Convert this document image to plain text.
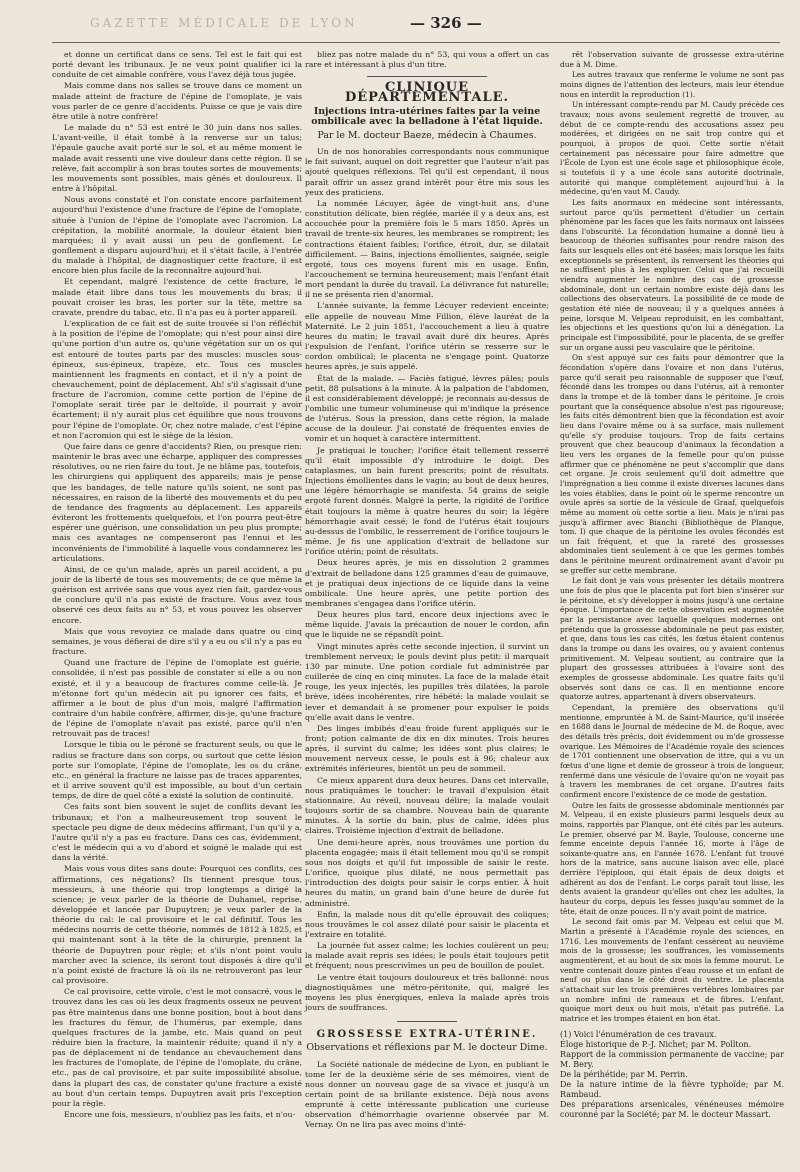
GAZETTE MÉDICALE DE LYON	— 326 —

et donne un certificat dans ce sens. Tel est le fait qui est porté devant les tribunaux. Je ne veux point qualifier ici la conduite de cet aimable confrère, vous l'avez déjà tous jugée.

Mais comme dans nos salles se trouve dans ce moment un malade atteint de fracture de l'épine de l'omoplate, je vais vous parler de ce genre d'accidents. Puisse ce que je vais dire être utile à notre confrère!

Le malade du n° 53 est entré le 30 juin dans nos salles. L'avant-veille, il était tombé à la renverse sur un talus; l'épaule gauche avait porté sur le sol, et au même moment le malade avait ressenti une vive douleur dans cette région. Il se relève, fait accomplir à son bras toutes sortes de mouvements; les mouvements sont possibles, mais gênés et douloureux. Il entre à l'hôpital.

Nous avons constaté et l'on constate encore parfaitement aujourd'hui l'existence d'une fracture de l'épine de l'omoplate, située à l'union de l'épine de l'omoplate avec l'acromion. La crépitation, la mobilité anormale, la douleur étaient bien marquées; il y avait aussi un peu de gonflement. Le gonflement a disparu aujourd'hui; et il s'était facile, à l'entrée du malade à l'hôpital, de diagnostiquer cette fracture, il est encore bien plus facile de la reconnaître aujourd'hui.

Et cependant, malgré l'existence de cette fracture, le malade était libre dans tous les mouvements du bras; il pouvait croiser les bras, les porter sur la tête, mettre sa cravate, prendre du tabac, etc. Il n'a pas eu à porter appareil.

L'explication de ce fait est de suite trouvée si l'on réfléchit à la position de l'épine de l'omoplate; qui n'est pour ainsi dire qu'une portion d'un autre os, qu'une végétation sur un os qui est entouré de toutes parts par des muscles: muscles sous-épineux, sus-épineux, trapèze, etc. Tous ces muscles maintiennent les fragments en contact, et il n'y a point de chevauchement, point de déplacement. Ah! s'il s'agissait d'une fracture de l'acromion, comme cette portion de l'épine de l'omoplate serait tirée par le deltoïde, il pourrait y avoir écartement; il n'y aurait plus cet équilibre que nous trouvons pour l'épine de l'omoplate. Or, chez notre malade, c'est l'épine et non l'acromion qui est le siège de la lésion.

Que faire dans ce genre d'accidents? Rien, ou presque rien: maintenir le bras avec une écharpe, appliquer des compresses résolutives, ou ne rien faire du tout. Je ne blâme pas, toutefois, les chirurgiens qui appliquent des appareils; mais je pense que les bandages, de telle nature qu'ils soient, ne sont pas nécessaires, en raison de la liberté des mouvements et du peu de tendance des fragments au déplacement. Les appareils éviteront les frottements quelquefois, et l'on pourra peut-être espérer une guérison, une consolidation un peu plus prompte; mais ces avantages ne compenseront pas l'ennui et les inconvénients de l'immobilité à laquelle vous condamnerez les articulations.

Ainsi, de ce qu'un malade, après un pareil accident, a pu jouir de la liberté de tous ses mouvements; de ce que même la guérison est arrivée sans que vous ayez rien fait, gardez-vous de conclure qu'il n'a pas existé de fracture. Vous avez tous observé ces deux faits au n° 53, et vous pouvez les observer encore.

Mais que vous revoyiez ce malade dans quatre ou cinq semaines, je vous défierai de dire s'il y a eu ou s'il n'y a pas eu fracture.

Quand une fracture de l'épine de l'omoplate est guérie, consolidée, il n'est pas possible de constater si elle a ou non existé, et il y a beaucoup de fractures comme celle-là. Je m'étonne fort qu'un médecin ait pu ignorer ces faits, et affirmer a le bout de plus d'un mois, malgré l'affirmation contraire d'un habile confrère, affirmer, dis-je, qu'une fracture de l'épine de l'omoplate n'avait pas existé, parce qu'il n'en retrouvait pas de traces!

Lorsque le tibia ou le péroné se fracturent seuls, ou que le radius se fracture dans son corps, ou surtout que cette lésion porte sur l'omoplate, l'épine de l'omoplate, les os du crâne, etc., en général la fracture ne laisse pas de traces apparentes, et il arrive souvent qu'il est impossible, au bout d'un certain temps, de dire de quel côté a existé la solution de continuité.

Ces faits sont bien souvent le sujet de conflits devant les tribunaux; et l'on a malheureusement trop souvent le spectacle peu digne de deux médecins affirmant, l'un qu'il y a, l'autre qu'il n'y a pas eu fracture. Dans ces cas, évidemment, c'est le médecin qui a vu d'abord et soigné le malade qui est dans la vérité.

Mais vous vous dites sans doute: Pourquoi ces conflits, ces affirmations, ces négations? Ils tiennent presque tous, messieurs, à une théorie qui trop longtemps a dirigé la science; je veux parler de la théorie de Duhamel, reprise, développée et lancée par Dupuytren; je veux parler de la théorie du cal: le cal provisoire et le cal définitif. Tous les médecins nourris de cette théorie, nommés de 1812 à 1825, et qui maintenant sont à la tête de la chirurgie, prennent la théorie de Dupuytren pour règle; et s'ils n'ont point voulu marcher avec la science, ils seront tout disposés à dire qu'il n'a point existé de fracture là où ils ne retrouveront pas leur cal provisoire.

Ce cal provisoire, cette virole, c'est le mot consacré, vous le trouvez dans les cas où les deux fragments osseux ne peuvent pas être maintenus dans une bonne position, bout à bout dans les fractures du fémur, de l'humérus, par exemple, dans quelques fractures de la jambe, etc. Mais quand on peut réduire bien la fracture, la maintenir réduite; quand il n'y a pas de déplacement ni de tendance au chevauchement dans les fractures de l'omoplate, de l'épine de l'omoplate, du crâne, etc., pas de cal provisoire, et par suite impossibilité absolue, dans la plupart des cas, de constater qu'une fracture a existé au bout d'un certain temps. Dupuytren avait pris l'exception pour la règle.

Encore une fois, messieurs, n'oubliez pas les faits, et n'ou-

bliez pas notre malade du n° 53, qui vous a offert un cas rare et intéressant à plus d'un titre.

CLINIQUE DÉPARTEMENTALE.
Injections intra-utérines faites par la veine ombilicale avec la belladone à l'état liquide.
Par le M. docteur Baeze, médecin à Chaumes.

Un de nos honorables correspondants nous communique le fait suivant, auquel on doit regretter que l'auteur n'ait pas ajouté quelques réflexions. Tel qu'il est cependant, il nous paraît offrir un assez grand intérêt pour être mis sous les yeux des praticiens.

La nommée Lécuyer, âgée de vingt-huit ans, d'une constitution délicate, bien réglée, mariée il y a deux ans, est accouchée pour la première fois le 5 mars 1850. Après un travail de trente-six heures, les membranes se rompirent; les contractions étaient faibles; l'orifice, étroit, dur, se dilatait difficilement. — Bains, injections émollientes, saignée, seigle ergoté, tous ces moyens furent mis en usage. Enfin, l'accouchement se termina heureusement; mais l'enfant était mort pendant la durée du travail. La délivrance fut naturelle; il ne se présenta rien d'anormal.

L'année suivante, la femme Lécuyer redevient enceinte; elle appelle de nouveau Mme Fillion, élève lauréat de la Maternité. Le 2 juin 1851, l'accouchement a lieu à quatre heures du matin; le travail avait duré dix heures. Après l'expulsion de l'enfant, l'orifice utérin se resserre sur le cordon ombilical; le placenta ne s'engage point. Quatorze heures après, je suis appelé.

État de la malade. — Faciès fatigué, lèvres pâles; pouls petit, 88 pulsations à la minute. À la palpation de l'abdomen, il est considérablement développé; je reconnais au-dessus de l'ombilic une tumeur volumineuse qui m'indique la présence de l'utérus. Sous la pression, dans cette région, la malade accuse de la douleur. J'ai constaté de fréquentes envies de vomir et un hoquet à caractère intermittent.

Je pratiquai le toucher; l'orifice était tellement resserré qu'il était impossible d'y introduire le doigt. Des cataplasmes, un bain furent prescrits; point de résultats. Injections émollientes dans le vagin; au bout de deux heures, une légère hémorrhagie se manifesta. 54 grains de seigle ergoté furent donnés. Malgré la perte, la rigidité de l'orifice était toujours la même à quatre heures du soir; la légère hémorrhagie avait cessé; le fond de l'utérus était toujours au-dessus de l'ombilic, le resserrement de l'orifice toujours le même. Je fis une application d'extrait de belladone sur l'orifice utérin; point de résultats.

Deux heures après, je mis en dissolution 2 grammes d'extrait de belladone dans 125 grammes d'eau de guimauve, et je pratiquai deux injections de ce liquide dans la veine ombilicale. Une heure après, une petite portion des membranes s'engagea dans l'orifice utérin.

Deux heures plus tard, encore deux injections avec le même liquide. J'avais la précaution de nouer le cordon, afin que le liquide ne se répandît point.

Vingt minutes après cette seconde injection, il survint un tremblement nerveux; le pouls devint plus petit: il marquait 130 par minute. Une potion cordiale fut administrée par cuillerée de cinq en cinq minutes. La face de la malade était rouge, les yeux injectés, les pupilles très dilatées, la parole brève, idées incohérentes, rire hébété: la malade voulait se lever et demandait à se promener pour expulser le poids qu'elle avait dans le ventre.

Des linges imbibés d'eau froide furent appliqués sur le front; potion calmante de dix en dix minutes. Trois heures après, il survint du calme; les idées sont plus claires; le mouvement nerveux cesse, le pouls est à 96; chaleur aux extrémités inférieures, bientôt un peu de sommeil.

Ce mieux apparent dura deux heures. Dans cet intervalle, nous pratiquâmes le toucher: le travail d'expulsion était stationnaire. Au réveil, nouveau délire; la malade voulait toujours sortir de sa chambre. Nouveau bain de quarante minutes. À la sortie du bain, plus de calme, idées plus claires. Troisième injection d'extrait de belladone.

Une demi-heure après, nous trouvâmes une portion du placenta engagée; mais il était tellement mou qu'il se rompit sous nos doigts et qu'il fut impossible de saisir le reste. L'orifice, quoique plus dilaté, ne nous permettait pas l'introduction des doigts pour saisir le corps entier. À huit heures du matin, un grand bain d'une heure de durée fut administré.

Enfin, la malade nous dit qu'elle éprouvait des coliques; nous trouvâmes le col assez dilaté pour saisir le placenta et l'extraire en totalité.

La journée fut assez calme; les lochies coulèrent un peu; la malade avait repris ses idées; le pouls était toujours petit et fréquent; nous prescrivîmes un peu de bouillon de poulet.

Le ventre était toujours douloureux et très ballonné: nous diagnostiquâmes une métro-péritonite, qui, malgré les moyens les plus énergiques, enleva la malade après trois jours de souffrances.

GROSSESSE EXTRA-UTÉRINE.
Observations et réflexions par M. le docteur Dime.

La Société nationale de médecine de Lyon, en publiant le tome Ier de la deuxième série de ses mémoires, vient de nous donner un nouveau gage de sa vivace et jusqu'à un certain point de sa brillante existence. Déjà nous avons emprunté à cette intéressante publication une curieuse observation d'hémorrhagie ovarienne observée par M. Vernay. On ne lira pas avec moins d'inté-

rêt l'observation suivante de grossesse extra-utérine due à M. Dime.

Les autres travaux que renferme le volume ne sont pas moins dignes de l'attention des lecteurs, mais leur étendue nous en interdit la reproduction (1).

Un intéressant compte-rendu par M. Caudy précède ces travaux; nous avons seulement regretté de trouver, au début de ce compte-rendu des accusations assez peu modérées, et dirigées on ne sait trop contre qui et pourquoi, à propos de quoi. Cette sortie n'était certainement pas nécessaire pour faire admettre que l'École de Lyon est une école sage et philosophique école, si toutefois il y a une école sans autorité doctrinale, autorité qui manque complètement aujourd'hui à la médecine, qu'en vaut M. Caudy.

Les faits anormaux en médecine sont intéressants, surtout parce qu'ils permettent d'étudier un certain phénomène par les faces que les faits normaux ont laissées dans l'obscurité. La fécondation humaine a donné lieu à beaucoup de théories suffisantes pour rendre raison des faits sur lesquels elles ont été basées; mais lorsque les faits exceptionnels se présentent, ils renversent les théories qui ne suffisent plus à les expliquer. Celui que j'ai recueilli viendra augmenter le nombre des cas de grossesse abdominale, dont un certain nombre existe déjà dans les collections des observateurs. La possibilité de ce mode de gestation été niée de nouveau; il y a quelques années à peine, lorsque M. Velpeau reproduisit, en les combattant, les objections et les questions qu'on lui a dénégation. La principale est l'impossibilité, pour le placenta, de se greffer sur un organe aussi peu vasculaire que le péritoine.

On s'est appuyé sur ces faits pour démontrer que la fécondation s'opère dans l'ovaire et non dans l'utérus, parce qu'il serait peu raisonnable de supposer que l'œuf, fécondé dans les trompes ou dans l'utérus, ait à remonter dans la trompe et de là tomber dans le péritoine. Je crois pourtant que la conséquence absolue n'est pas rigoureuse; les faits cités démontrent bien que la fécondation est avoir lieu dans l'ovaire même ou à sa surface, mais nullement qu'elle s'y produise toujours. Trop de faits certains prouvent que chez beaucoup d'animaux la fécondation a lieu vers les organes de la femelle pour qu'on puisse affirmer que ce phénomène ne peut s'accomplir que dans cet organe. Je crois seulement qu'il doit admettre que l'imprégnation a lieu comme il existe diverses lacunes dans les voies établies, dans le point où le sperme rencontre un ovule après sa sortie de la vésicule de Graaf, quelquefois même au moment où cette sortie a lieu. Mais je n'irai pas jusqu'à affirmer avec Bianchi (Bibliothèque de Planque, tom. I) que chaque de la péritoine les ovules fécondés est un fait fréquent, et que la rareté des grossesses abdominales tient seulement à ce que les germes tombés dans le péritoine meurent ordinairement avant d'avoir pu se greffer sur cette membrane.

Le fait dont je vais vous présenter les détails montrera une fois de plus que le placenta put fort bien s'insérer sur le péritoine, et s'y développer à moins jusqu'à une certaine époque. L'importance de cette observation est augmentée par la persistance avec laquelle quelques modernes ont prétendu que la grossesse abdominale ne peut pas exister, et que, dans tous les cas cités, les fœtus étaient contenus dans la trompe ou dans les ovaires, ou y avaient contenus primitivement. M. Velpeau soutient, au contraire que la plupart des grossesses attribuées à l'ovaire sont des exemples de grossesse abdominale. Les quatre faits qu'il observés sont dans ce cas. Il en mentionne encore quatorze autres, appartenant à divers observateurs.

Cependant, la première des observations qu'il mentionne, empruntée à M. de Saint-Maurice, qu'il insérée en 1688 dans le Journal de médecine de M. de Roque, avec des détails très précis, doit évidemment ou m'de grossesse ovarique. Les Mémoires de l'Académie royale des sciences de 1701 contiennent une observation de ittre, qui a vu un fœtus d'une ligne et demie de grosseur à trois de longueur, renfermé dans une vésicule de l'ovaire qu'on ne voyait pas à travers les membranes de cet organe. D'autres faits confirment encore l'existence de ce mode de gestation.

Outre les faits de grossesse abdominale mentionnés par M. Velpeau, il en existe plusieurs parmi lesquels deux au moins, rapportés par Planque, ont été cités par les auteurs. Le premier, observé par M. Bayle, Toulouse, concerne une femme enceinte depuis l'année 16, morte à l'âge de soixante-quatre ans, en l'année 1678. L'enfant fut trouvé hors de la matrice, sans aucune liaison avec elle, placé derrière l'épiploon, qui était épais de deux doigts et adhérent au dos de l'enfant. Le corps paraît tout lisse, les dents avaient la grandeur qu'elles ont chez les adultes, la hauteur du corps, depuis les fesses jusqu'au sommet de la tête, était de onze pouces. Il n'y avait point de matrice.

Le second fait omis par M. Velpeau est celui que M. Martin a présenté à l'Académie royale des sciences, en 1716. Les mouvements de l'enfant cessèrent au neuvième mois de la grossesse; les souffrances, les vomissements augmentèrent, et au bout de six mois la femme mourut. Le ventre contenait douze pintes d'eau rousse et un enfant de neuf ou plus dans le côté droit du ventre. Le placenta s'attachait sur les trois premières vertèbres lombaires par un nombre infini de rameaux et de fibres. L'enfant, quoique mort deux ou huit mois, n'était pas putréfié. La matrice et les trompes étaient en bon état.

(1) Voici l'énumération de ces travaux.
Éloge historique de P.-J. Nichet; par M. Pollton.
Rapport de la commission permanente de vaccine; par M. Bery.
De la périhétide; par M. Perrin.
De la nature intime de la fièvre typhoïde; par M. Rambaud.
Des préparations arsenicales, vénéneuses mémoire couronné par la Société; par M. le docteur Massart.
